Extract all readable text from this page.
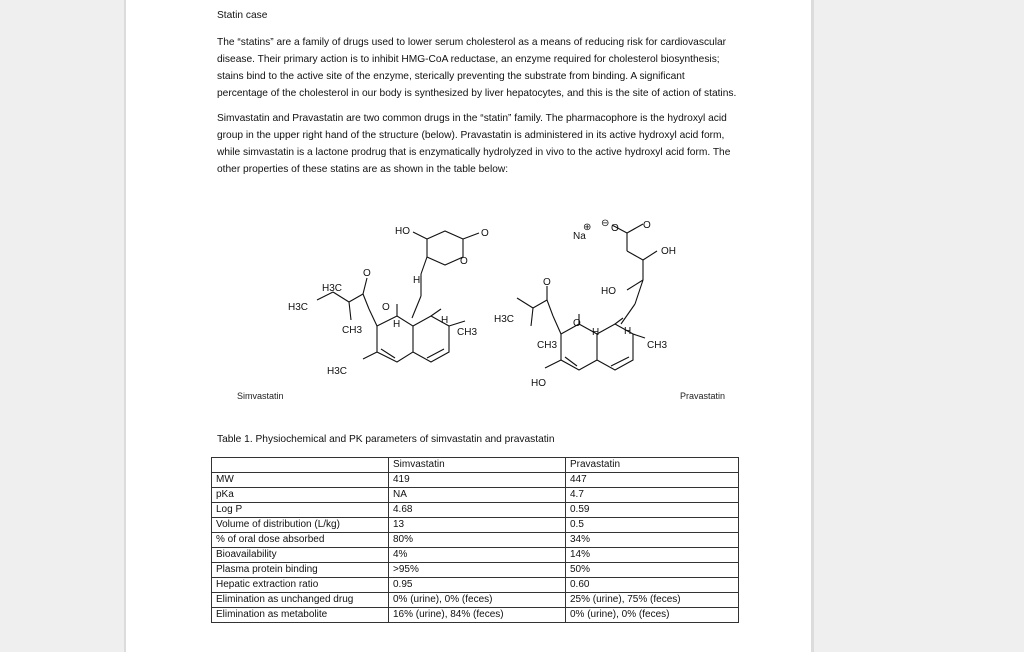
Statin case

The “statins” are a family of drugs used to lower serum cholesterol as a means of reducing risk for cardiovascular disease. Their primary action is to inhibit HMG-CoA reductase, an enzyme required for cholesterol biosynthesis; stains bind to the active site of the enzyme, sterically preventing the substrate from binding. A significant percentage of the cholesterol in our body is synthesized by liver hepatocytes, and this is the site of action of statins.

Simvastatin and Pravastatin are two common drugs in the “statin” family. The pharmacophore is the hydroxyl acid group in the upper right hand of the structure (below). Pravastatin is administered in its active hydroxyl acid form, while simvastatin is a lactone prodrug that is enzymatically hydrolyzed in vivo to the active hydroxyl acid form. The other properties of these statins are as shown in the table below:

HO	O
O
H
O
O
H3C
H3C
CH3
H	H
CH3
H3C
⊖ O O
Na
⊕
OH
HO
H3C
O
O
CH3
H H
CH3
HO
Simvastatin	Pravastatin
Table 1. Physiochemical and PK parameters of simvastatin and pravastatin
	Simvastatin	Pravastatin
MW	419	447
pKa	NA	4.7
Log P	4.68	0.59
Volume of distribution (L/kg)	13	0.5
% of oral dose absorbed	80%	34%
Bioavailability	4%	14%
Plasma protein binding	>95%	50%
Hepatic extraction ratio	0.95	0.60
Elimination as unchanged drug	0% (urine), 0% (feces)	25% (urine), 75% (feces)
Elimination as metabolite	16% (urine), 84% (feces)	0% (urine), 0% (feces)
